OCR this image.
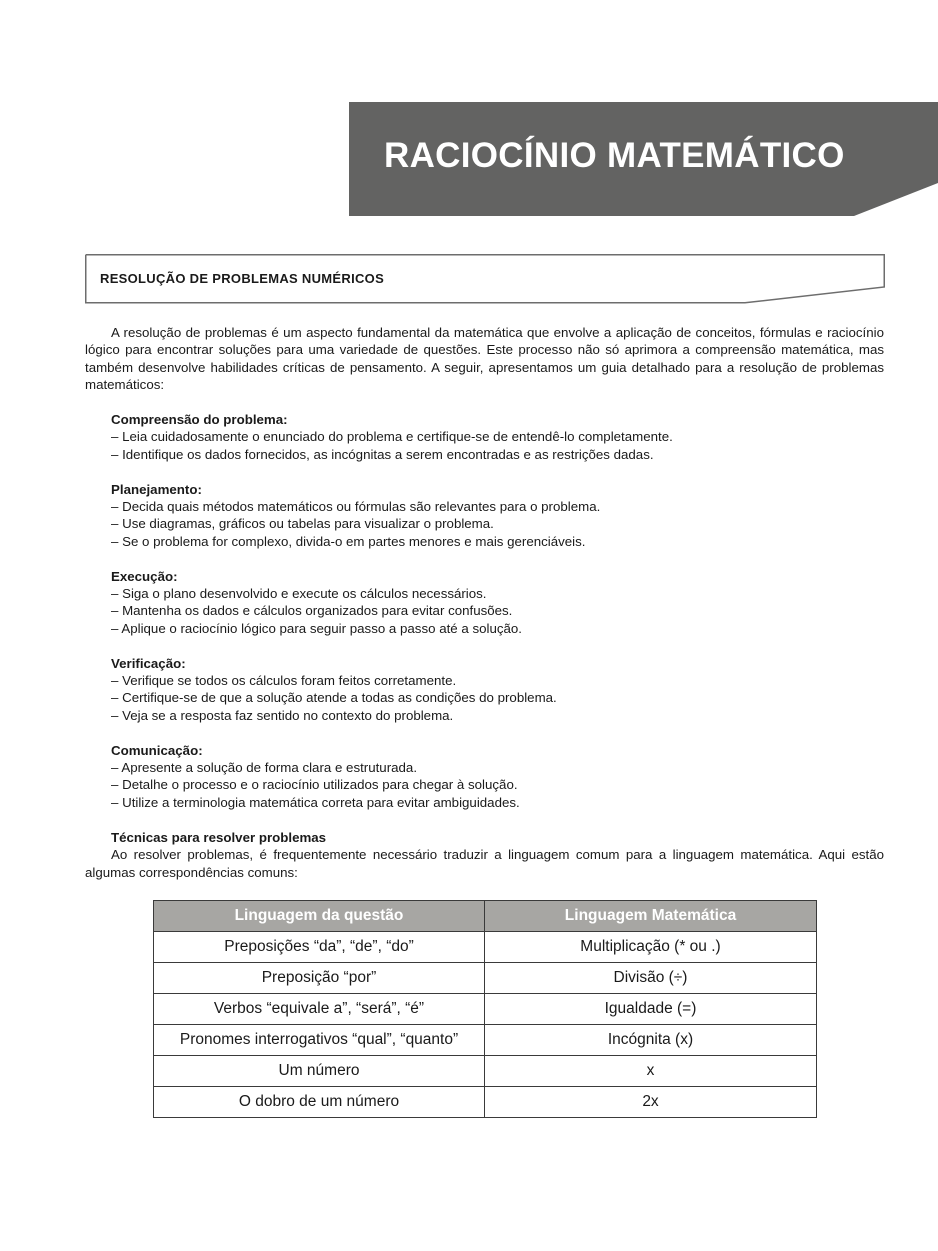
RACIOCÍNIO MATEMÁTICO
RESOLUÇÃO DE PROBLEMAS NUMÉRICOS

A resolução de problemas é um aspecto fundamental da matemática que envolve a aplicação de conceitos, fórmulas e raciocínio lógico para encontrar soluções para uma variedade de questões. Este processo não só aprimora a compreensão matemática, mas também desenvolve habilidades críticas de pensamento. A seguir, apresentamos um guia detalhado para a resolução de problemas matemáticos:

Compreensão do problema:
– Leia cuidadosamente o enunciado do problema e certifique-se de entendê-lo completamente.
– Identifique os dados fornecidos, as incógnitas a serem encontradas e as restrições dadas.
Planejamento:
– Decida quais métodos matemáticos ou fórmulas são relevantes para o problema.
– Use diagramas, gráficos ou tabelas para visualizar o problema.
– Se o problema for complexo, divida-o em partes menores e mais gerenciáveis.
Execução:
– Siga o plano desenvolvido e execute os cálculos necessários.
– Mantenha os dados e cálculos organizados para evitar confusões.
– Aplique o raciocínio lógico para seguir passo a passo até a solução.
Verificação:
– Verifique se todos os cálculos foram feitos corretamente.
– Certifique-se de que a solução atende a todas as condições do problema.
– Veja se a resposta faz sentido no contexto do problema.
Comunicação:
– Apresente a solução de forma clara e estruturada.
– Detalhe o processo e o raciocínio utilizados para chegar à solução.
– Utilize a terminologia matemática correta para evitar ambiguidades.
Técnicas para resolver problemas

Ao resolver problemas, é frequentemente necessário traduzir a linguagem comum para a linguagem matemática. Aqui estão algumas correspondências comuns:

Linguagem da questão	Linguagem Matemática
Preposições “da”, “de”, “do”	Multiplicação (* ou .)
Preposição “por”	Divisão (÷)
Verbos “equivale a”, “será”, “é”	Igualdade (=)
Pronomes interrogativos “qual”, “quanto”	Incógnita (x)
Um número	x
O dobro de um número	2x
